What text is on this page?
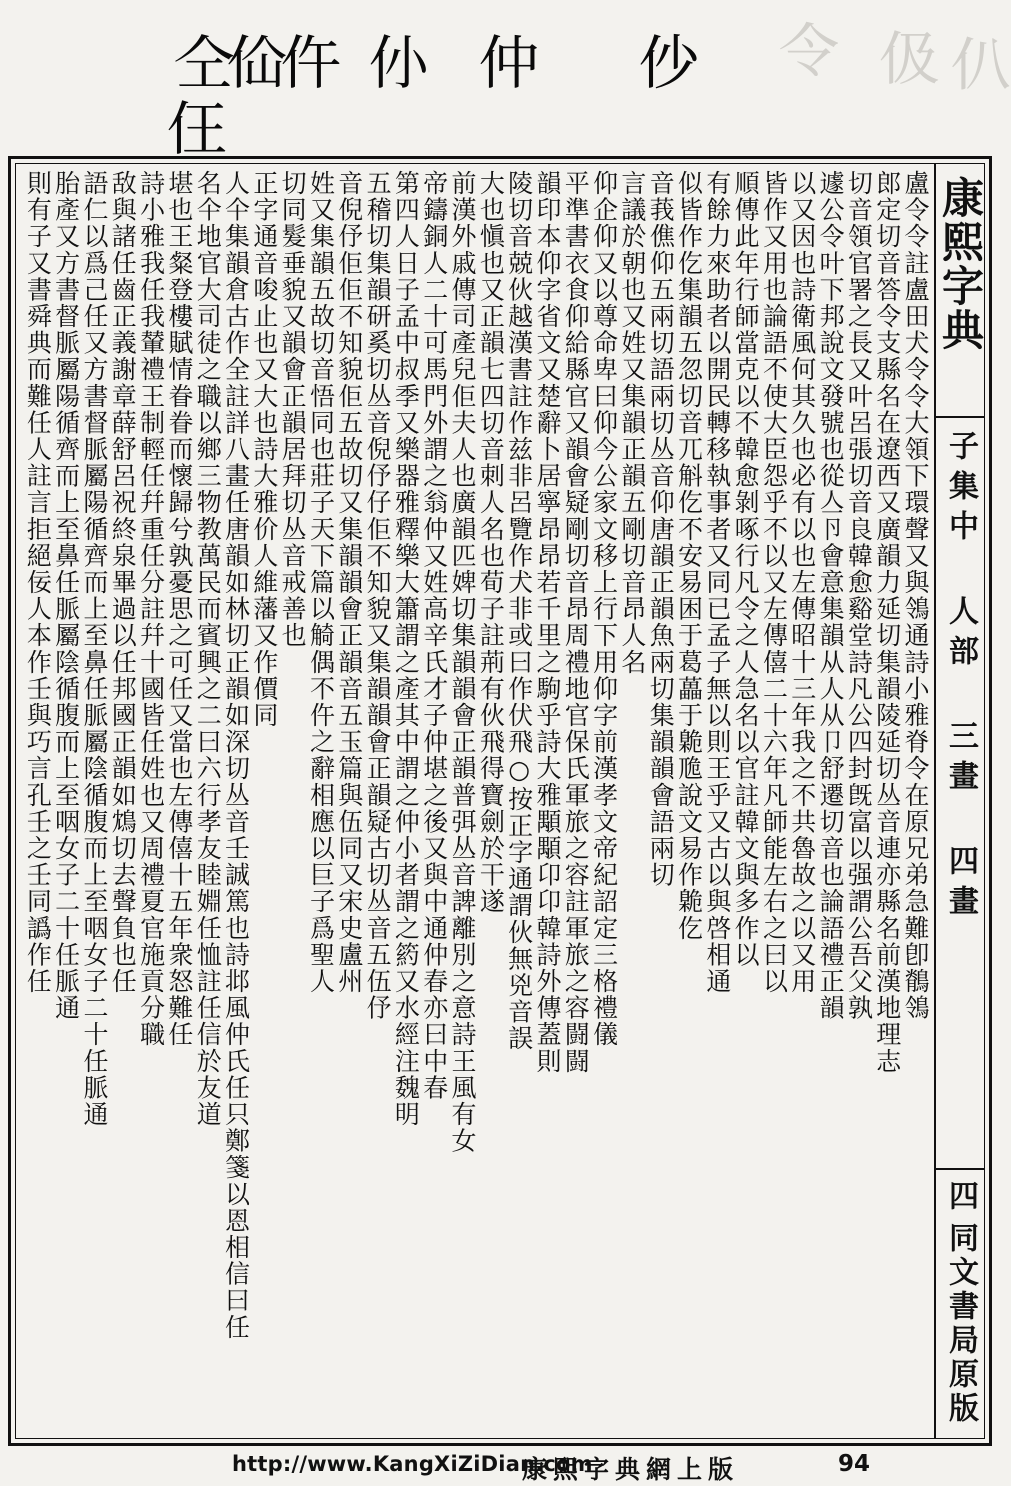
令 伋 仈
仝
佡
仵 仦 仲 仯
仼
康熙字典
子集中 人部 三畫 四畫
四
同文書局原版
盧令令註盧田犬令令大領下環聲又與鴒通詩小雅脊令在原兄弟急難卽鶺鴒
郎定切音答令支縣名在遼西又廣韻力延切集韻陵延切丛音連亦縣名前漢地理志
切音領官署之長又叶呂張切音良韓愈谿堂詩凡公四封旣富以强謂公吾父孰
遽公令叶下邦說文發號也從亼卪會意集韻从人从卩舒遷切音也論語禮正韻
以又因也詩衛風何其久也必有以也左傳昭十三年我之不共魯故之以又用
皆作又用也論語不使大臣怨乎不以又左傳僖二十六年凡師能左右之曰以
順傳此年行師當克以不韓愈剝啄行凡令之人急名以官註韓文與多作以
有餘力來助者以開民轉移執事者又同已孟子無以則王乎又古以與啓相通
似皆作仡集韻五忽切音兀斛仡不安易困于葛藟于臲卼說文易作臲仡
音莪僬仰五兩切語兩切丛音仰唐韻正韻魚兩切集韻韻會語兩切
言議於朝也又姓又集韻正韻五剛切音昂人名
仰企仰又以尊命卑曰仰今公家文移上行下用仰字前漢孝文帝紀詔定三格禮儀
平準書衣食仰給縣官又韻會疑剛切音昂周禮地官保氏軍旅之容註軍旅之容闘闘
韻印本仰字省文又楚辭卜居寧昂昂若千里之駒乎詩大雅顒顒卬卬韓詩外傳蓋則
陵切音兢伙越漢書註作兹非呂覽作犬非或曰作伏飛○按正字通謂伙無兇音誤
大也愼也又正韻七四切音刺人名也荀子註荊有伙飛得寶劍於干遂
前漢外戚傳司產兒佢夫人也廣韻匹婢切集韻韻會正韻普弭丛音諀離別之意詩王風有女
帝鑄銅人二十可馬門外謂之翁仲又姓高辛氏才子仲堪之後又與中通仲春亦曰中春
第四人日子孟中叔季又樂器雅釋樂大簫謂之產其中謂之仲小者謂之箹又水經注魏明
五稽切集韻研奚切丛音倪伃仔佢不知貌又集韻韻會正韻疑古切丛音五伍伃
音倪伃佢佢不知貌佢五故切又集韻韻會正韻音五玉篇與伍同又宋史盧州
姓又集韻五故切音悟同也莊子天下篇以觭偶不仵之辭相應以巨子爲聖人
切同髮垂貌又韻會正韻居拜切丛音戒善也
正字通音唆止也又大也詩大雅价人維藩又作價同
人仐集韻倉古作全註詳八畫任唐韻如林切正韻如深切丛音壬誠篤也詩邶風仲氏任只鄭箋以恩相信曰任
名仐地官大司徒之職以鄉三物教萬民而賓興之二曰六行孝友睦婣任恤註任信於友道
堪也王粲登樓賦情眷眷而懷歸兮孰憂思之可任又當也左傳僖十五年衆怒難任
詩小雅我任我輦禮王制輕任幷重任分註幷十國皆任姓也又周禮夏官施貢分職
敌與諸任齒正義謝章薛舒呂祝終泉畢過以任邦國正韻如鴆切去聲負也任
語仁以爲己任又方書督脈屬陽循齊而上至鼻任脈屬陰循腹而上至咽女子二十任脈通
胎產又方書督脈屬陽循齊而上至鼻任脈屬陰循腹而上至咽女子二十任脈通
則有子又書舜典而難任人註言拒絕佞人本作壬與巧言孔壬之壬同譌作任
http://www.KangXiZiDian.com
康熙字典網上版	94
